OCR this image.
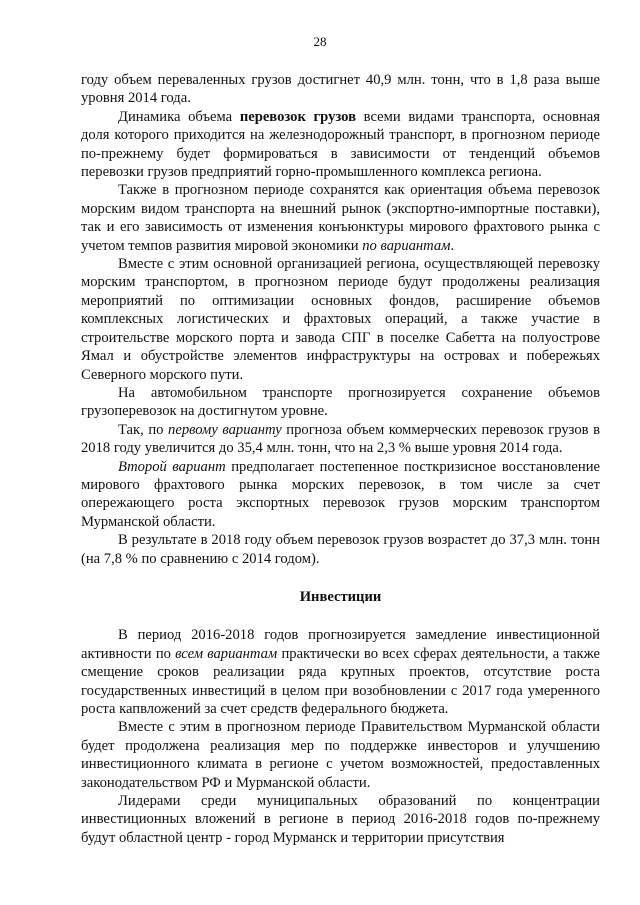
28

году объем переваленных грузов достигнет 40,9 млн. тонн, что в 1,8 раза выше уровня 2014 года.

Динамика объема перевозок грузов всеми видами транспорта, основная доля которого приходится на железнодорожный транспорт, в прогнозном периоде по-прежнему будет формироваться в зависимости от тенденций объемов перевозки грузов предприятий горно-промышленного комплекса региона.

Также в прогнозном периоде сохранятся как ориентация объема перевозок морским видом транспорта на внешний рынок (экспортно-импортные поставки), так и его зависимость от изменения конъюнктуры мирового фрахтового рынка с учетом темпов развития мировой экономики по вариантам.

Вместе с этим основной организацией региона, осуществляющей перевозку морским транспортом, в прогнозном периоде будут продолжены реализация мероприятий по оптимизации основных фондов, расширение объемов комплексных логистических и фрахтовых операций, а также участие в строительстве морского порта и завода СПГ в поселке Сабетта на полуострове Ямал и обустройстве элементов инфраструктуры на островах и побережьях Северного морского пути.

На автомобильном транспорте прогнозируется сохранение объемов грузоперевозок на достигнутом уровне.

Так, по первому варианту прогноза объем коммерческих перевозок грузов в 2018 году увеличится до 35,4 млн. тонн, что на 2,3 % выше уровня 2014 года.

Второй вариант предполагает постепенное посткризисное восстановление мирового фрахтового рынка морских перевозок, в том числе за счет опережающего роста экспортных перевозок грузов морским транспортом Мурманской области.

В результате в 2018 году объем перевозок грузов возрастет до 37,3 млн. тонн (на 7,8 % по сравнению с 2014 годом).

Инвестиции

В период 2016-2018 годов прогнозируется замедление инвестиционной активности по всем вариантам практически во всех сферах деятельности, а также смещение сроков реализации ряда крупных проектов, отсутствие роста государственных инвестиций в целом при возобновлении с 2017 года умеренного роста капвложений за счет средств федерального бюджета.

Вместе с этим в прогнозном периоде Правительством Мурманской области будет продолжена реализация мер по поддержке инвесторов и улучшению инвестиционного климата в регионе с учетом возможностей, предоставленных законодательством РФ и Мурманской области.

Лидерами среди муниципальных образований по концентрации инвестиционных вложений в регионе в период 2016-2018 годов по-прежнему будут областной центр - город Мурманск и территории присутствия
